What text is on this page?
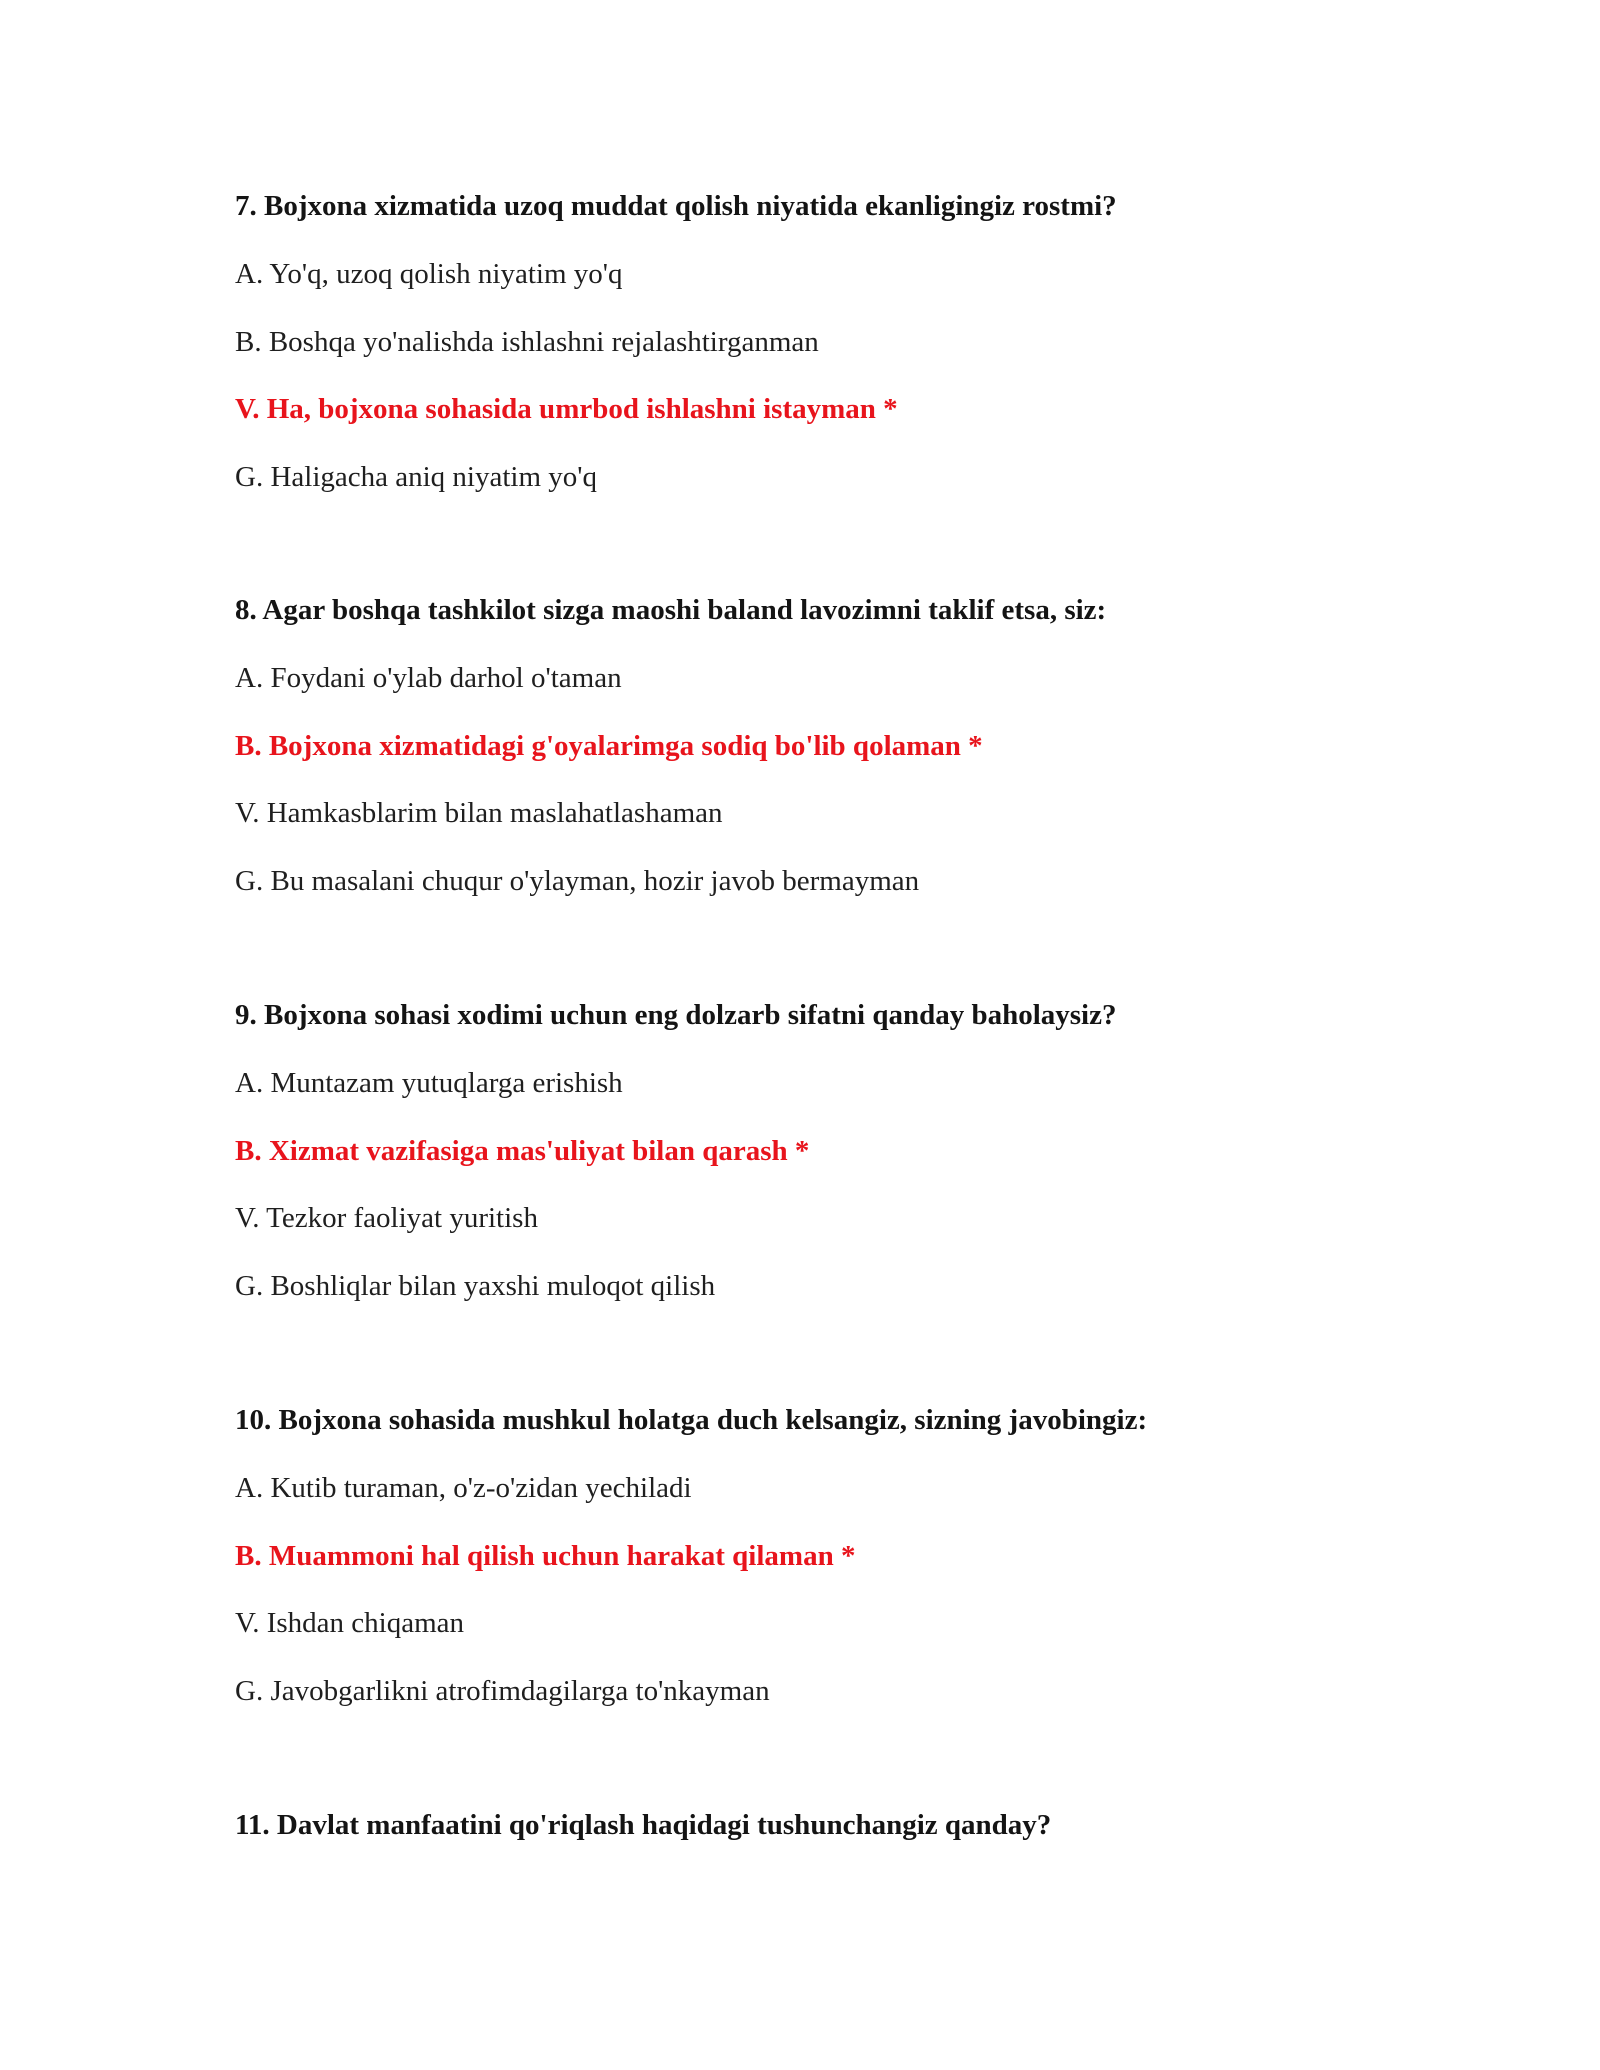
7. Bojxona xizmatida uzoq muddat qolish niyatida ekanligingiz rostmi?
A. Yo'q, uzoq qolish niyatim yo'q
B. Boshqa yo'nalishda ishlashni rejalashtirganman
V. Ha, bojxona sohasida umrbod ishlashni istayman *
G. Haligacha aniq niyatim yo'q
8. Agar boshqa tashkilot sizga maoshi baland lavozimni taklif etsa, siz:
A. Foydani o'ylab darhol o'taman
B. Bojxona xizmatidagi g'oyalarimga sodiq bo'lib qolaman *
V. Hamkasblarim bilan maslahatlashaman
G. Bu masalani chuqur o'ylayman, hozir javob bermayman
9. Bojxona sohasi xodimi uchun eng dolzarb sifatni qanday baholaysiz?
A. Muntazam yutuqlarga erishish
B. Xizmat vazifasiga mas'uliyat bilan qarash *
V. Tezkor faoliyat yuritish
G. Boshliqlar bilan yaxshi muloqot qilish
10. Bojxona sohasida mushkul holatga duch kelsangiz, sizning javobingiz:
A. Kutib turaman, o'z-o'zidan yechiladi
B. Muammoni hal qilish uchun harakat qilaman *
V. Ishdan chiqaman
G. Javobgarlikni atrofimdagilarga to'nkayman
11. Davlat manfaatini qo'riqlash haqidagi tushunchangiz qanday?
